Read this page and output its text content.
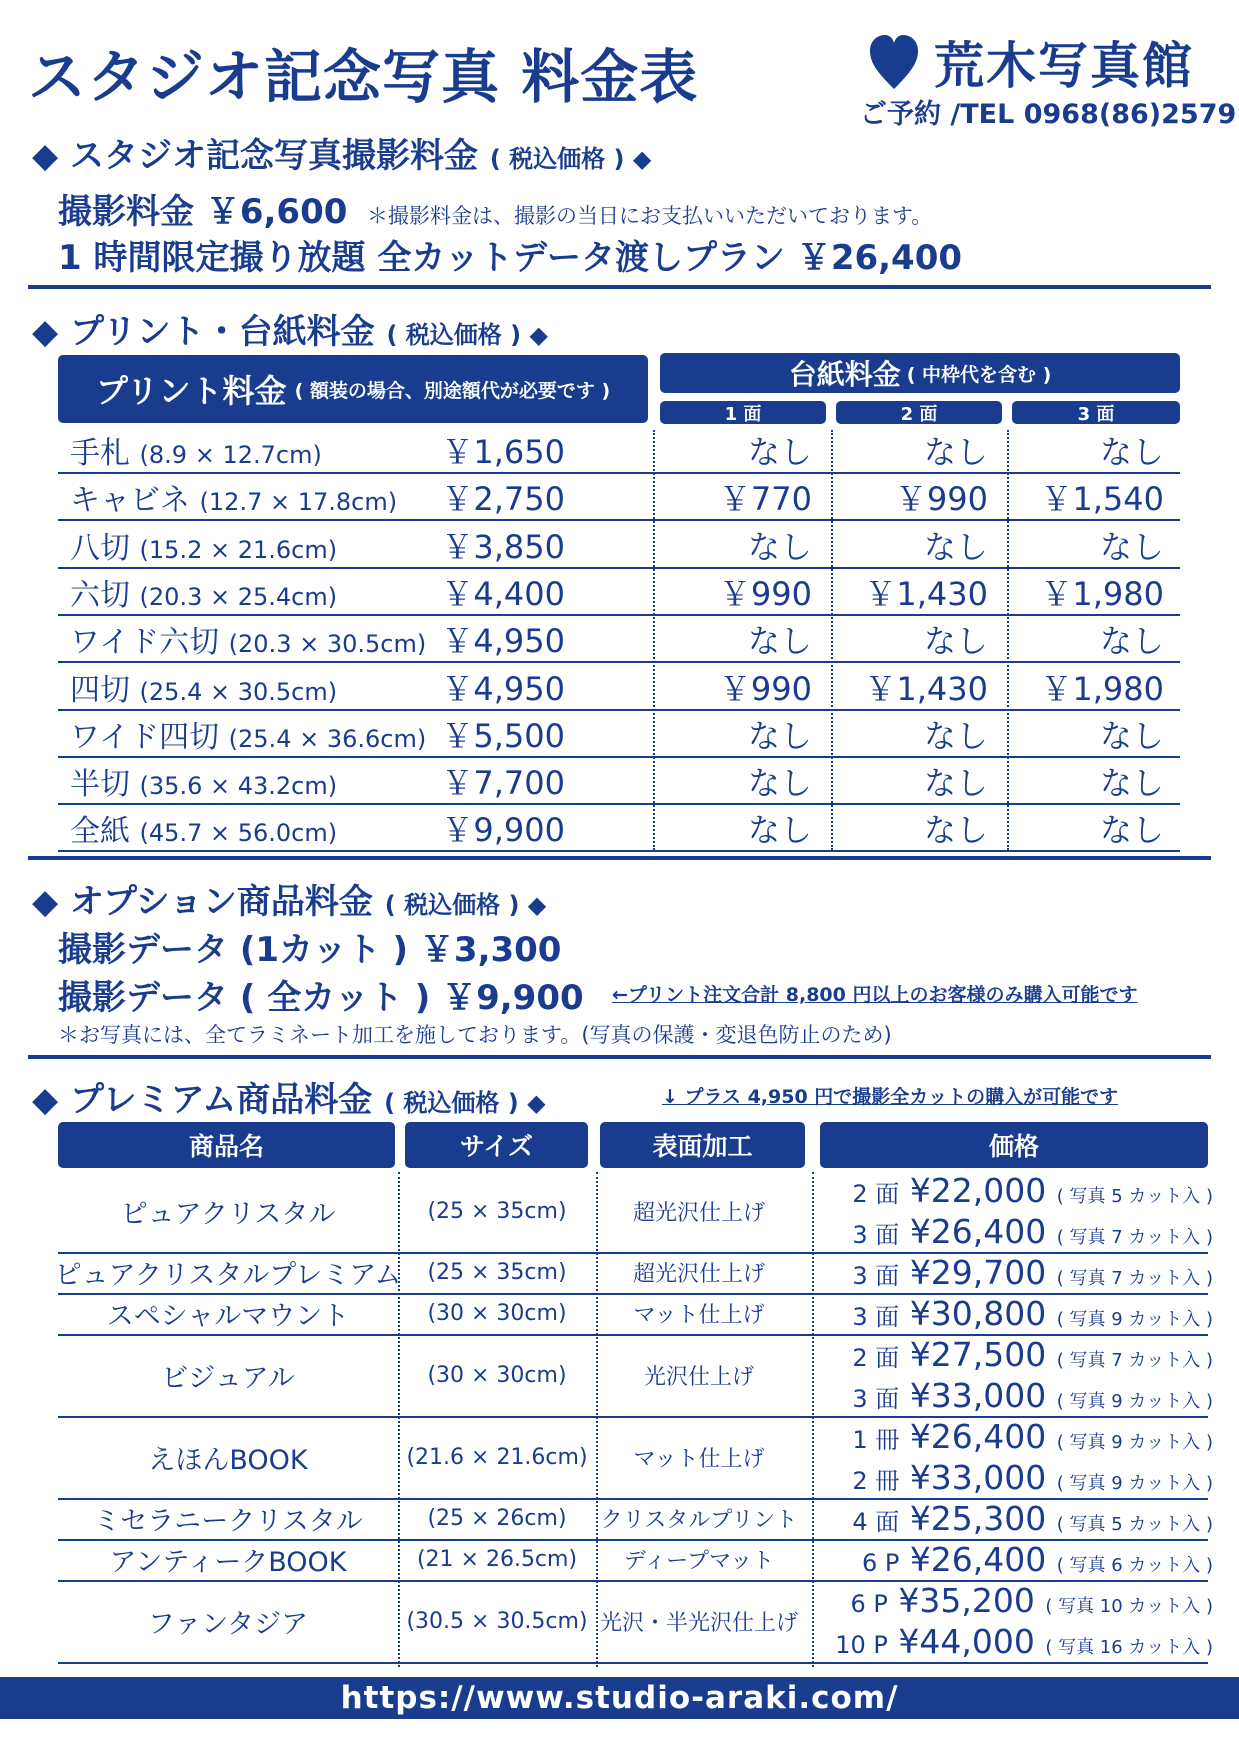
スタジオ記念写真 料金表	荒木写真館
ご予約 /TEL 0968(86)2579
◆ スタジオ記念写真撮影料金 ( 税込価格 ) ◆
撮影料金 ￥6,600 ＊撮影料金は、撮影の当日にお支払いいただいております。
1 時間限定撮り放題 全カットデータ渡しプラン ￥26,400
◆ プリント・台紙料金 ( 税込価格 ) ◆
プリント料金 ( 額装の場合、別途額代が必要です )	台紙料金 ( 中枠代を含む )
1 面	2 面	3 面
手札 (8.9 × 12.7cm)	￥1,650	なし	なし	なし
キャビネ (12.7 × 17.8cm) ￥2,750	￥770	￥990 ￥1,540
八切 (15.2 × 21.6cm)	￥3,850	なし	なし	なし
六切 (20.3 × 25.4cm)	￥4,400	￥990 ￥1,430 ￥1,980
ワイド六切 (20.3 × 30.5cm) ￥4,950	なし	なし	なし
四切 (25.4 × 30.5cm)	￥4,950	￥990 ￥1,430 ￥1,980
ワイド四切 (25.4 × 36.6cm) ￥5,500	なし	なし	なし
半切 (35.6 × 43.2cm)	￥7,700	なし	なし	なし
全紙 (45.7 × 56.0cm)	￥9,900	なし	なし	なし
◆ オプション商品料金 ( 税込価格 ) ◆
撮影データ (1カット ) ￥3,300
撮影データ ( 全カット ) ￥9,900 ←プリント注文合計 8,800 円以上のお客様のみ購入可能です
＊お写真には、全てラミネート加工を施しております。(写真の保護・変退色防止のため)
◆ プレミアム商品料金 ( 税込価格 ) ◆	↓ プラス 4,950 円で撮影全カットの購入が可能です
商品名	サイズ	表面加工	価格
ピュアクリスタル	(25 × 35cm)	超光沢仕上げ
2 面 ¥22,000 ( 写真 5 カット入 )
3 面 ¥26,400 ( 写真 7 カット入 )
ピュアクリスタルプレミアム	(25 × 35cm)	超光沢仕上げ	3 面 ¥29,700 ( 写真 7 カット入 )
スペシャルマウント	(30 × 30cm)	マット仕上げ	3 面 ¥30,800 ( 写真 9 カット入 )
ビジュアル	(30 × 30cm)	光沢仕上げ
2 面 ¥27,500 ( 写真 7 カット入 )
3 面 ¥33,000 ( 写真 9 カット入 )
えほんBOOK	(21.6 × 21.6cm)	マット仕上げ
1 冊 ¥26,400 ( 写真 9 カット入 )
2 冊 ¥33,000 ( 写真 9 カット入 )
ミセラニークリスタル	(25 × 26cm)	クリスタルプリント 4 面 ¥25,300 ( 写真 5 カット入 )
アンティークBOOK	(21 × 26.5cm)	ディープマット	6 P ¥26,400 ( 写真 6 カット入 )
ファンタジア	(30.5 × 30.5cm) 光沢・半光沢仕上げ
6 P ¥35,200 ( 写真 10 カット入 )
10 P ¥44,000 ( 写真 16 カット入 )
https://www.studio-araki.com/
